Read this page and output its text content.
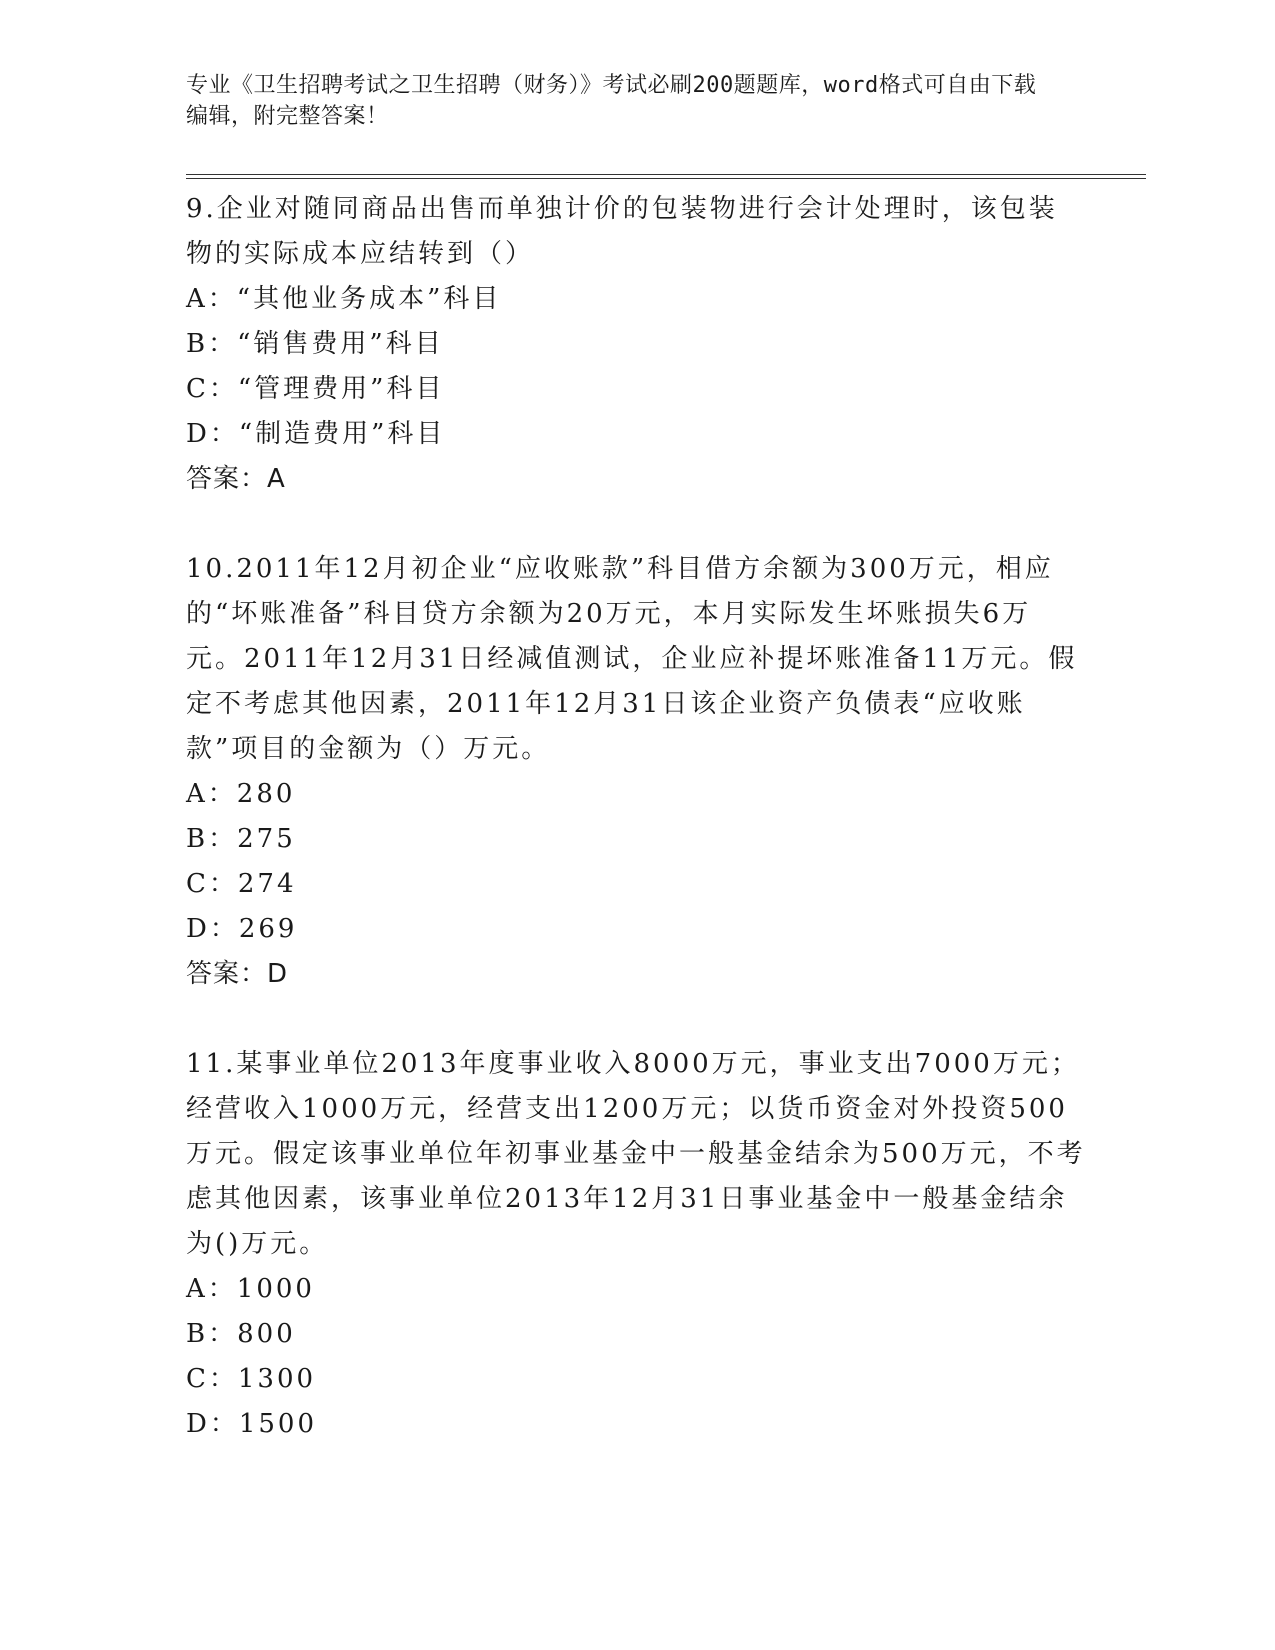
专业《卫生招聘考试之卫生招聘（财务）》考试必刷200题题库，word格式可自由下载编辑，附完整答案！

9.企业对随同商品出售而单独计价的包装物进行会计处理时，该包装物的实际成本应结转到（）

A：“其他业务成本”科目

B：“销售费用”科目

C：“管理费用”科目

D：“制造费用”科目

答案：A

10.2011年12月初企业“应收账款”科目借方余额为300万元，相应的“坏账准备”科目贷方余额为20万元，本月实际发生坏账损失6万元。2011年12月31日经减值测试，企业应补提坏账准备11万元。假定不考虑其他因素，2011年12月31日该企业资产负债表“应收账款”项目的金额为（）万元。

A：280

B：275

C：274

D：269

答案：D

11.某事业单位2013年度事业收入8000万元，事业支出7000万元；经营收入1000万元，经营支出1200万元；以货币资金对外投资500万元。假定该事业单位年初事业基金中一般基金结余为500万元，不考虑其他因素，该事业单位2013年12月31日事业基金中一般基金结余为()万元。

A：1000

B：800

C：1300

D：1500
